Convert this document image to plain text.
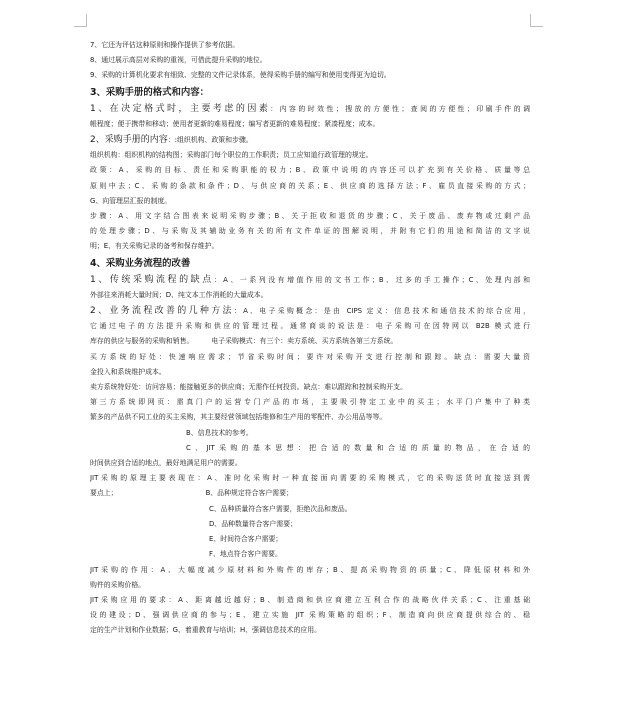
7、它还为评估这种原则和操作提供了参考依据。
8、通过展示高层对采购的重视，可借此提升采购的地位。
9、采购的计算机化要求有细致、完整的文件记录体系，使得采购手册的编写和使用变得更为迫切。
3、采购手册的格式和内容：
1、在决定格式时，主要考虑的因素：内容的时效性；搜放的方便性；查阅的方便性；印刷手件的调
帳程度；便于携带和移动；使用者更新的难易程度；编写者更新的难易程度；紧凑程度；成本。
2、采购手册的内容：:组织机构、政策和步骤。
组织机构：组织机构的结构图；采购部门每个职位的工作职责；员工应知道行政管理的规定。
政策：A、采购的目标、责任和采购职能的权力；B、政策中说明的内容还可以扩充到有关价格、质量等总
原则中去；C、采购的条款和条件；D、与供应商的关系；E、供应商的选择方法；F、雇员直接采购的方式；
G、向管理层汇报的制度。
步骤：A、用文字结合图表来说明采购步骤；B、关于拒收和退货的步骤；C、关于废品、废弃物或过剩产品
的处理步骤；D、与采购及其辅助业务有关的所有文件单证的图解说明，并附有它们的用途和简洁的文字说
明；E、有关采购记录的备考和保存维护。
4、采购业务流程的改善
1、传统采购流程的缺点：A、一系列没有增值作用的文书工作；B、过多的手工操作；C、处理内部和
外部往来消耗大量时间；D、纯文本工作消耗的大量成本。
2、业务流程改善的几种方法：A、电子采购概念：是由 CIPS 定义：信息技术和通信技术的综合应用，
它通过电子的方法提升采购和供应的管理过程。通常商谈的说法是：电子采购可在因特网以 B2B 模式进行
库存的供应与服务的采购和销售。	电子采购模式：有三个：卖方系统、买方系统各第三方系统。
买方系统的好处：快速响应需求；节省采购时间；要许对采购开支进行控制和跟踪。缺点：需要大量资
金投入和系统维护成本。
卖方系统特好处：访问容易；能接触更多的供应商；无需作任何投资。缺点：难以跟踪和控制采购开支。
第三方系统即网页：需真门户的运营专门产品的市场，主要吸引特定工业中的买主；水平门户集中了种类
繁多的产品供不同工业的买主采购，其主要经营领域包括维修和生产用的零配件、办公用品等等。
B、信息技术的参考。
C、JIT采购的基本思想：把合适的数量和合适的质量的物品，在合适的
时间供应到合适的地点，最好地满足用户的需要。
JIT采购的原理主要表现在：A、准时化采购时一种直接面向需要的采购模式，它的采购送货时直接送到需
要点上；	B、品种规定符合客户需要；
C、品种质量符合客户需要，拒绝次品和废品。
D、品种数量符合客户需要；
E、时间符合客户需要；
F、地点符合客户需要。
JIT采购的作用：A、大幅度减少原材料和外购件的库存；B、提高采购物资的质量；C、降低原材料和外
购件的采购价格。
JIT采购应用的要求：A、距离越近越好；B、制造商和供应商建立互利合作的战略伙伴关系；C、注重基础
设的建设；D、强调供应商的参与；E、建立实施 JIT 采购策略的组织；F、制造商向供应商提供综合的、稳
定的生产计划和作业数据；G、着重教育与培训；H、强调信息技术的应用。
